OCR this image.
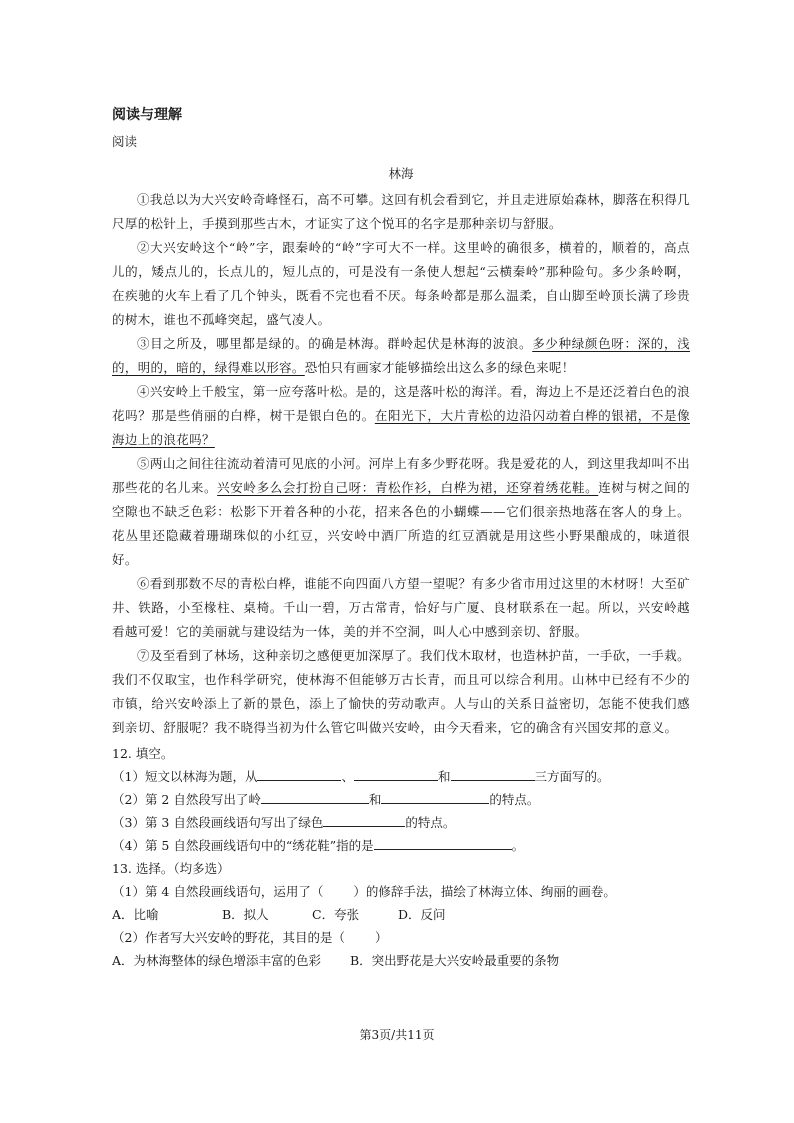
阅读与理解
阅读
林海

①我总以为大兴安岭奇峰怪石，高不可攀。这回有机会看到它，并且走进原始森林，脚落在积得几尺厚的松针上，手摸到那些古木，才证实了这个悦耳的名字是那种亲切与舒服。

②大兴安岭这个“岭”字，跟秦岭的“岭”字可大不一样。这里岭的确很多，横着的，顺着的，高点儿的，矮点儿的，长点儿的，短儿点的，可是没有一条使人想起“云横秦岭”那种险句。多少条岭啊，在疾驰的火车上看了几个钟头，既看不完也看不厌。每条岭都是那么温柔，自山脚至岭顶长满了珍贵的树木，谁也不孤峰突起，盛气凌人。

③目之所及，哪里都是绿的。的确是林海。群岭起伏是林海的波浪。多少种绿颜色呀：深的，浅的，明的，暗的，绿得难以形容。恐怕只有画家才能够描绘出这么多的绿色来呢！

④兴安岭上千般宝，第一应夸落叶松。是的，这是落叶松的海洋。看，海边上不是还泛着白色的浪花吗？那是些俏丽的白桦，树干是银白色的。在阳光下，大片青松的边沿闪动着白桦的银裙，不是像海边上的浪花吗？

⑤两山之间往往流动着清可见底的小河。河岸上有多少野花呀。我是爱花的人，到这里我却叫不出那些花的名儿来。兴安岭多么会打扮自己呀：青松作衫，白桦为裙，还穿着绣花鞋。连树与树之间的空隙也不缺乏色彩：松影下开着各种的小花，招来各色的小蝴蝶——它们很亲热地落在客人的身上。花丛里还隐藏着珊瑚珠似的小红豆，兴安岭中酒厂所造的红豆酒就是用这些小野果酿成的，味道很好。

⑥看到那数不尽的青松白桦，谁能不向四面八方望一望呢？有多少省市用过这里的木材呀！大至矿井、铁路，小至椽柱、桌椅。千山一碧，万古常青，恰好与广厦、良材联系在一起。所以，兴安岭越看越可爱！它的美丽就与建设结为一体，美的并不空洞，叫人心中感到亲切、舒服。

⑦及至看到了林场，这种亲切之感便更加深厚了。我们伐木取材，也造林护苗，一手砍，一手栽。我们不仅取宝，也作科学研究，使林海不但能够万古长青，而且可以综合利用。山林中已经有不少的市镇，给兴安岭添上了新的景色，添上了愉快的劳动歌声。人与山的关系日益密切，怎能不使我们感到亲切、舒服呢？我不晓得当初为什么管它叫做兴安岭，由今天看来，它的确含有兴国安邦的意义。

12. 填空。
（1）短文以林海为题，从	、	和	三方面写的。
（2）第 2 自然段写出了岭	和	的特点。
（3）第 3 自然段画线语句写出了绿色	的特点。
（4）第 5 自然段画线语句中的“绣花鞋”指的是	。
13. 选择。（均多选）
（1）第 4 自然段画线语句，运用了（ ）的修辞手法，描绘了林海立体、绚丽的画卷。
A．比喻	B．拟人	C．夸张	D．反问
（2）作者写大兴安岭的野花，其目的是（ ）
A．为林海整体的绿色增添丰富的色彩	B．突出野花是大兴安岭最重要的条物
第3页/共11页
